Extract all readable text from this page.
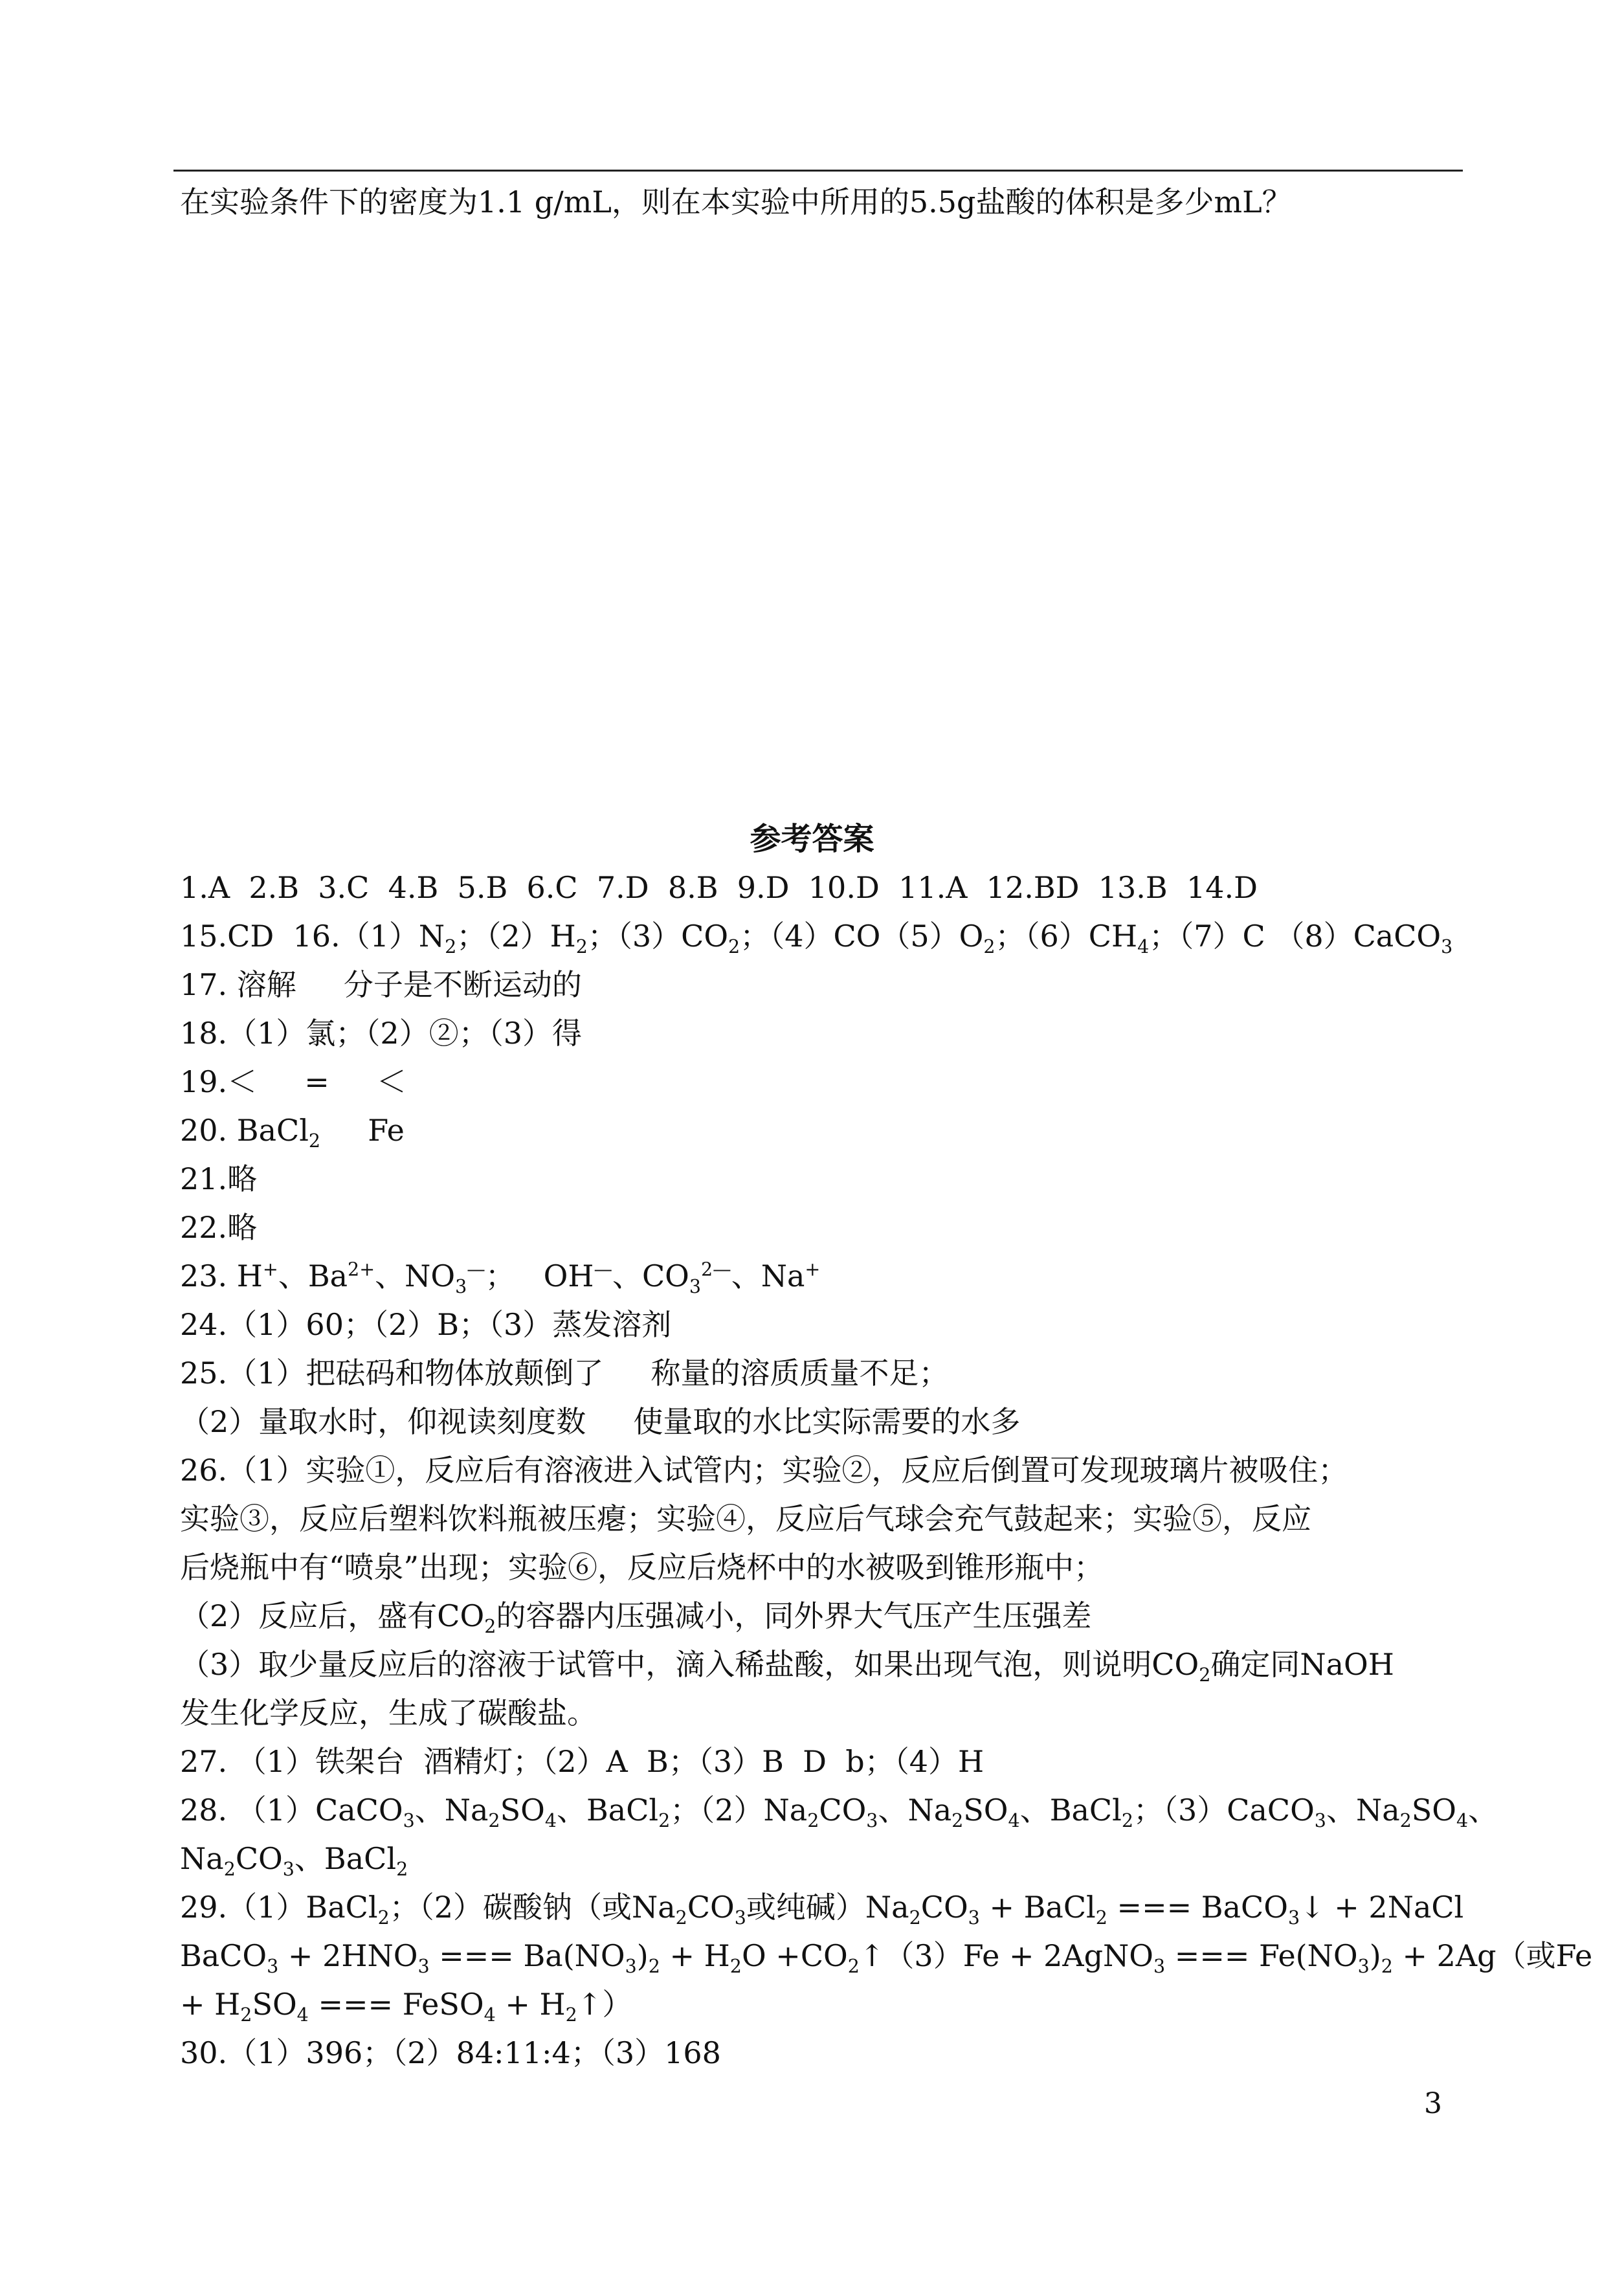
在实验条件下的密度为1.1 g/mL，则在本实验中所用的5.5g盐酸的体积是多少mL？
参考答案
1.A  2.B  3.C  4.B  5.B  6.C  7.D  8.B  9.D  10.D  11.A  12.BD  13.B  14.D
15.CD  $16.(1)N_2$；$(2)H_2$；$(3)CO_2$；$(4)CO(5)O_2$；$(6)CH_4$；（7）C （8）CaCO$_3$
17. 溶解     分子是不断运动的
18.（1）氯；（2）②；（3）得
19.＜     =     ＜
20. BaCl$_2$     Fe
21.略
22.略
23. H+、$Ba^{2+}$、$NO_3^—$；   OH—、$CO_3^{2—}$、Na+
24.（1）60；（2）B；（3）蒸发溶剂
25.（1）把砝码和物体放颠倒了     称量的溶质质量不足；
（2）量取水时，仰视读刻度数     使量取的水比实际需要的水多
26.（1）实验①，反应后有溶液进入试管内；实验②，反应后倒置可发现玻璃片被吸住；
实验③，反应后塑料饮料瓶被压瘪；实验④，反应后气球会充气鼓起来；实验⑤，反应
后烧瓶中有“喷泉”出现；实验⑥，反应后烧杯中的水被吸到锥形瓶中；
（2）反应后，盛有$CO_2$的容器内压强减小，同外界大气压产生压强差
（3）取少量反应后的溶液于试管中，滴入稀盐酸，如果出现气泡，则说明$CO_2$确定同NaOH
发生化学反应，生成了碳酸盐。
27. （1）铁架台  酒精灯；（2）A  B；（3）B  D  b；（4）H
28. （1）CaCO$_3$、$Na_2SO_4$、BaCl$_2$；$(2)Na_2CO_3$、$Na_2SO_4$、BaCl$_2$；（3）CaCO$_3$、$Na_2SO_4$、
$Na_2CO_3$、BaCl$_2$
29.（1）BaCl$_2$；（2）碳酸钠（或$Na_2CO_3$或纯碱）$Na_2CO_3$ + BaCl$_2$ === BaCO$_3$↓ + 2NaCl
BaCO$_3$ + $2HNO_3$ === $Ba(NO_3)_2 + H_2O$ $+CO_2↑(3)Fe$ + 2AgNO$_3$ === $Fe(NO_3)_2 + 2Ag$（或Fe
+ $H_2SO_4$ === FeSO$_4$ + $H_2↑$）
30.（1）396；（2）84:11:4；（3）168
3
